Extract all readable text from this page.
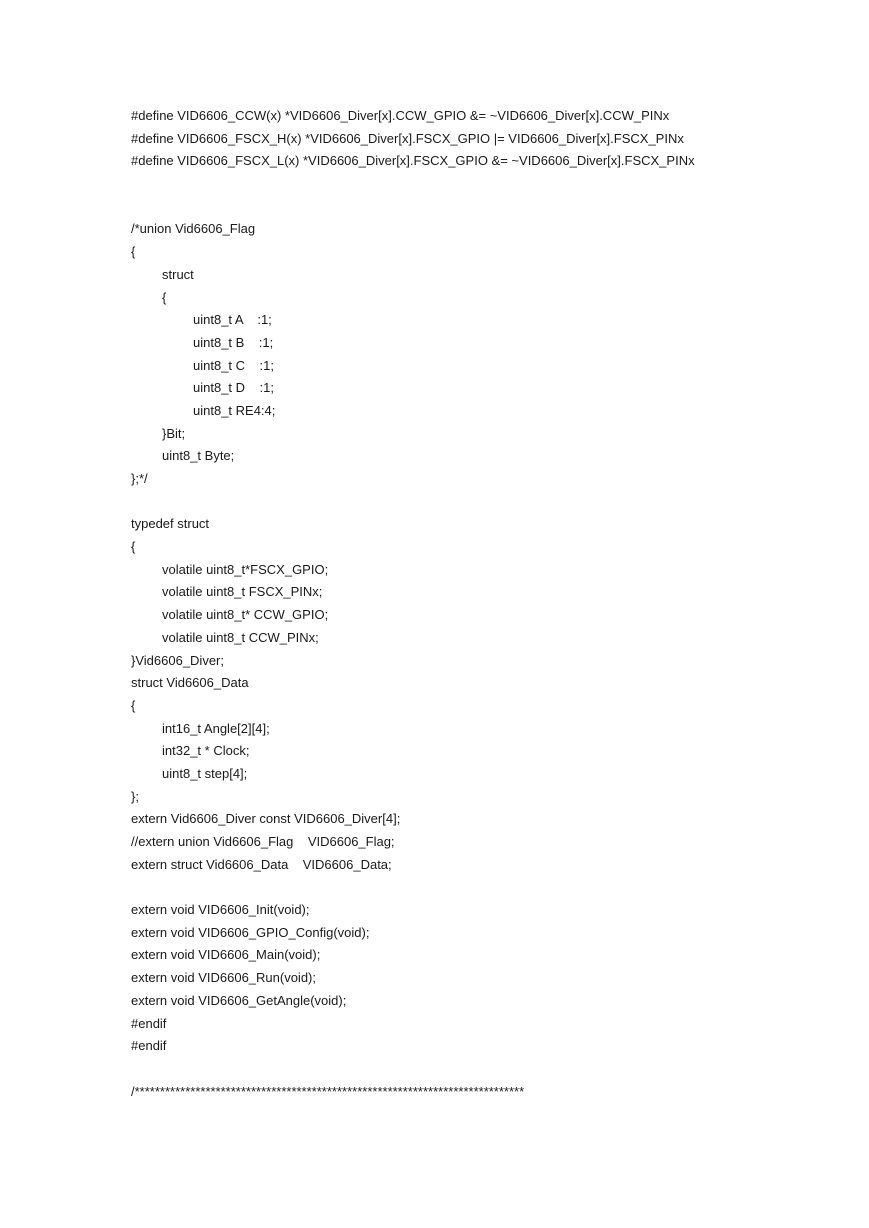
#define VID6606_CCW(x) *VID6606_Diver[x].CCW_GPIO &= ~VID6606_Diver[x].CCW_PINx
#define VID6606_FSCX_H(x) *VID6606_Diver[x].FSCX_GPIO |= VID6606_Diver[x].FSCX_PINx
#define VID6606_FSCX_L(x) *VID6606_Diver[x].FSCX_GPIO &= ~VID6606_Diver[x].FSCX_PINx
/*union Vid6606_Flag
{
struct
{
uint8_t A    :1;
uint8_t B    :1;
uint8_t C    :1;
uint8_t D    :1;
uint8_t RE4:4;
}Bit;
uint8_t Byte;
};*/
typedef struct
{
volatile uint8_t*FSCX_GPIO;
volatile uint8_t FSCX_PINx;
volatile uint8_t* CCW_GPIO;
volatile uint8_t CCW_PINx;
}Vid6606_Diver;
struct Vid6606_Data
{
int16_t Angle[2][4];
int32_t * Clock;
uint8_t step[4];
};
extern Vid6606_Diver const VID6606_Diver[4];
//extern union Vid6606_Flag    VID6606_Flag;
extern struct Vid6606_Data    VID6606_Data;
extern void VID6606_Init(void);
extern void VID6606_GPIO_Config(void);
extern void VID6606_Main(void);
extern void VID6606_Run(void);
extern void VID6606_GetAngle(void);
#endif
#endif
/*****************************************************************************
